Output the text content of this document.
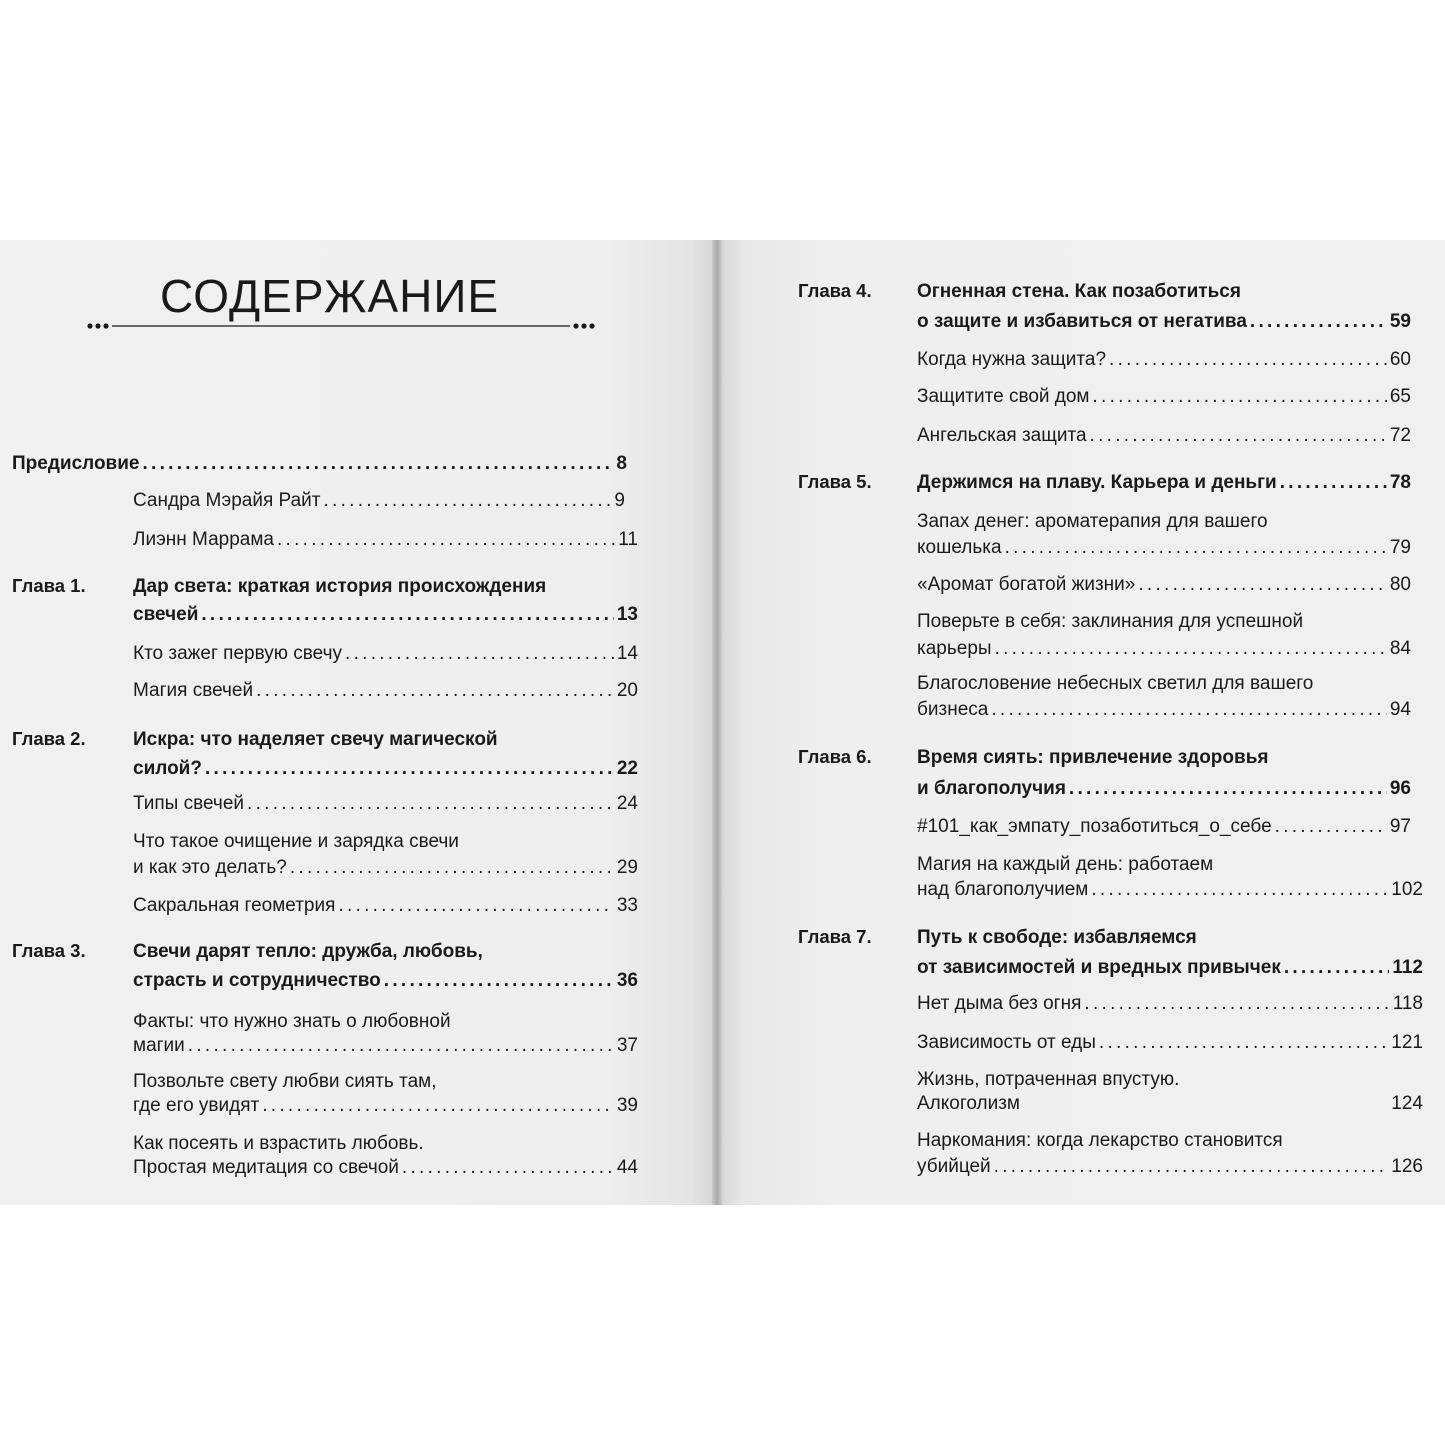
СОДЕРЖАНИЕ
Предисловие . . .	8
Сандра Мэрайя Райт . . .	9
Лиэнн Маррама . . .	11
Глава 1. Дар света: краткая история происхождения
свечей . . .	13
Кто зажег первую свечу . . .	14
Магия свечей . . .	20
Глава 2. Искра: что наделяет свечу магической
силой? . . .	22
Типы свечей . . .	24
Что такое очищение и зарядка свечи
и как это делать? . . .	29
Сакральная геометрия . . .	33
Глава 3. Свечи дарят тепло: дружба, любовь,
страсть и сотрудничество . . .	36
Факты: что нужно знать о любовной
магии . . .	37
Позвольте свету любви сиять там,
где его увидят . . .	39
Как посеять и взрастить любовь.
Простая медитация со свечой . . .	44
Глава 4. Огненная стена. Как позаботиться
о защите и избавиться от негатива . . .	59
Когда нужна защита? . . .	60
Защитите свой дом . . .	65
Ангельская защита . . .	72
Глава 5. Держимся на плаву. Карьера и деньги . . .	78
Запах денег: ароматерапия для вашего
кошелька . . .	79
«Аромат богатой жизни» . . .	80
Поверьте в себя: заклинания для успешной
карьеры . . .	84
Благословение небесных светил для вашего
бизнеса . . .	94
Глава 6. Время сиять: привлечение здоровья
и благополучия . . .	96
#101_как_эмпату_позаботиться_о_себе . . .	97
Магия на каждый день: работаем
над благополучием . . .	102
Глава 7. Путь к свободе: избавляемся
от зависимостей и вредных привычек . . .	112
Нет дыма без огня . . .	118
Зависимость от еды . . .	121
Жизнь, потраченная впустую.
Алкоголизм	124
Наркомания: когда лекарство становится
убийцей . . .	126
